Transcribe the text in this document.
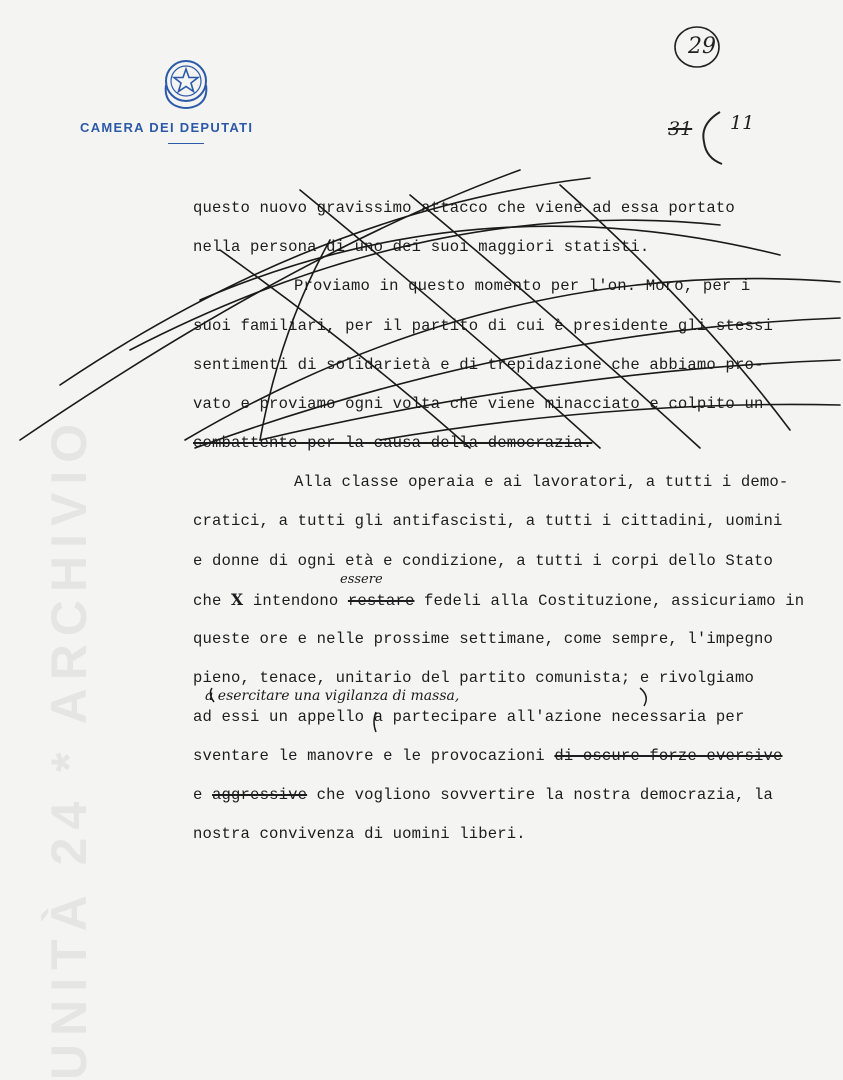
UNITÀ 24 * ARCHIVIO
CAMERA DEI DEPUTATI
29
31 11
questo nuovo gravissimo attacco che viene ad essa portato
nella persona di uno dei suoi maggiori statisti.
Proviamo in questo momento per l'on. Moro, per i
suoi familiari, per il partito di cui è presidente gli stessi
sentimenti di solidarietà e di trepidazione che abbiamo pro-
vato e proviamo ogni volta che viene minacciato e colpito un
combattente per la causa della democrazia.
Alla classe operaia e ai lavoratori, a tutti i demo-
cratici, a tutti gli antifascisti, a tutti i cittadini, uomini
e donne di ogni età e condizione, a tutti i corpi dello Stato
essere
che X intendono restare fedeli alla Costituzione, assicuriamo in
queste ore e nelle prossime settimane, come sempre, l'impegno
pieno, tenace, unitario del partito comunista; e rivolgiamo
a esercitare una vigilanza di massa,
ad essi un appello a partecipare all'azione necessaria per
sventare le manovre e le provocazioni di oscure forze eversive
e aggressive che vogliono sovvertire la nostra democrazia, la
nostra convivenza di uomini liberi.
